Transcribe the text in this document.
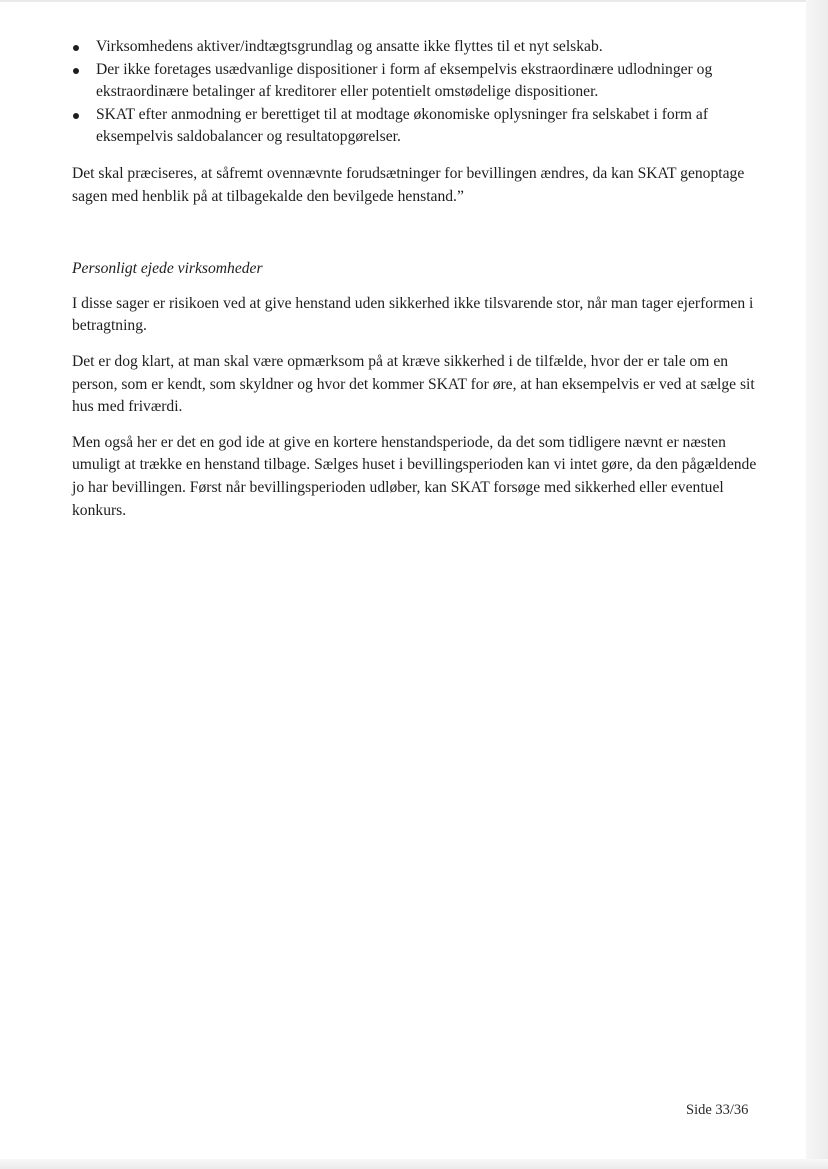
Virksomhedens aktiver/indtægtsgrundlag og ansatte ikke flyttes til et nyt selskab.
Der ikke foretages usædvanlige dispositioner i form af eksempelvis ekstraordinære udlodninger og ekstraordinære betalinger af kreditorer eller potentielt omstødelige dispositioner.
SKAT efter anmodning er berettiget til at modtage økonomiske oplysninger fra selskabet i form af eksempelvis saldobalancer og resultatopgørelser.

Det skal præciseres, at såfremt ovennævnte forudsætninger for bevillingen ændres, da kan SKAT genoptage sagen med henblik på at tilbagekalde den bevilgede henstand.”

Personligt ejede virksomheder

I disse sager er risikoen ved at give henstand uden sikkerhed ikke tilsvarende stor, når man tager ejerformen i betragtning.

Det er dog klart, at man skal være opmærksom på at kræve sikkerhed i de tilfælde, hvor der er tale om en person, som er kendt, som skyldner og hvor det kommer SKAT for øre, at han eksempelvis er ved at sælge sit hus med friværdi.

Men også her er det en god ide at give en kortere henstandsperiode, da det som tidligere nævnt er næsten umuligt at trække en henstand tilbage. Sælges huset i bevillingsperioden kan vi intet gøre, da den pågældende jo har bevillingen. Først når bevillingsperioden udløber, kan SKAT forsøge med sikkerhed eller eventuel konkurs.

Side 33/36
